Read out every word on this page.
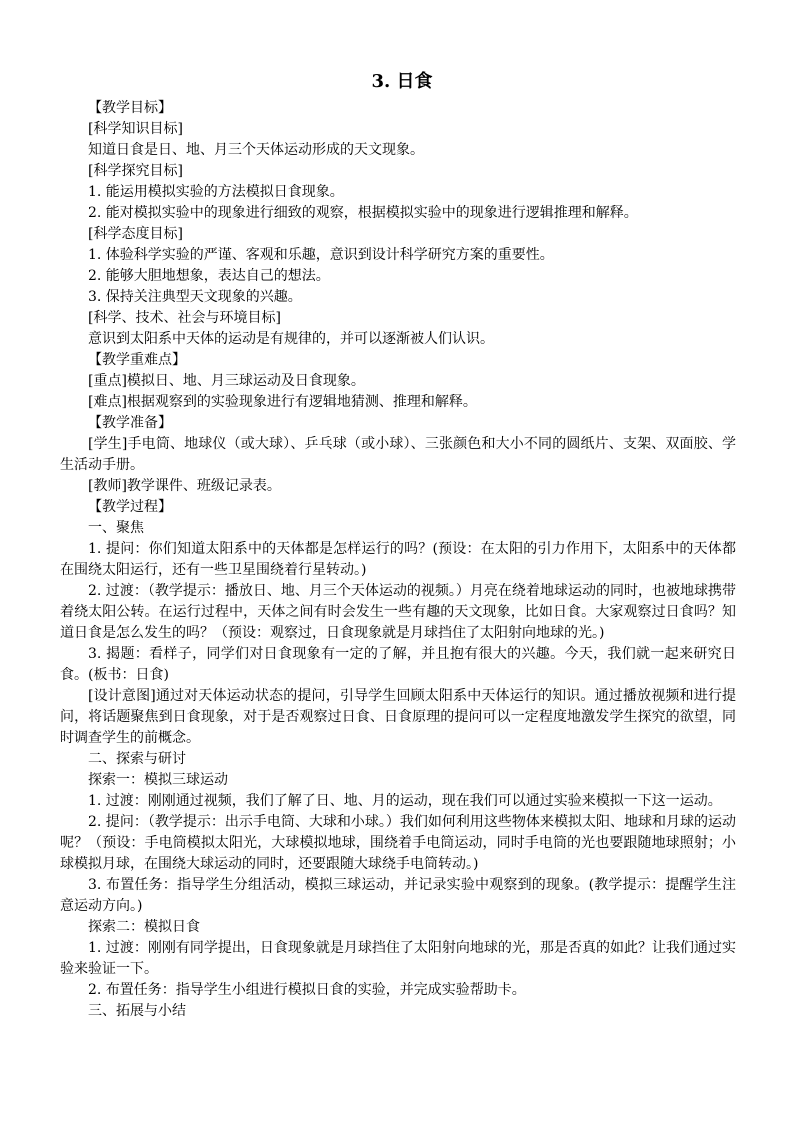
3. 日食

【教学目标】

[科学知识目标]

知道日食是日、地、月三个天体运动形成的天文现象。

[科学探究目标]

1. 能运用模拟实验的方法模拟日食现象。

2. 能对模拟实验中的现象进行细致的观察，根据模拟实验中的现象进行逻辑推理和解释。

[科学态度目标]

1. 体验科学实验的严谨、客观和乐趣，意识到设计科学研究方案的重要性。

2. 能够大胆地想象，表达自己的想法。

3. 保持关注典型天文现象的兴趣。

[科学、技术、社会与环境目标]

意识到太阳系中天体的运动是有规律的，并可以逐渐被人们认识。

【教学重难点】

[重点]模拟日、地、月三球运动及日食现象。

[难点]根据观察到的实验现象进行有逻辑地猜测、推理和解释。

【教学准备】

[学生]手电筒、地球仪（或大球）、乒乓球（或小球）、三张颜色和大小不同的圆纸片、支架、双面胶、学生活动手册。

[教师]教学课件、班级记录表。

【教学过程】

一、聚焦

1. 提问：你们知道太阳系中的天体都是怎样运行的吗？(预设：在太阳的引力作用下，太阳系中的天体都在围绕太阳运行，还有一些卫星围绕着行星转动。)

2. 过渡：（教学提示：播放日、地、月三个天体运动的视频。）月亮在绕着地球运动的同时，也被地球携带着绕太阳公转。在运行过程中，天体之间有时会发生一些有趣的天文现象，比如日食。大家观察过日食吗？知道日食是怎么发生的吗？（预设：观察过，日食现象就是月球挡住了太阳射向地球的光。)

3. 揭题：看样子，同学们对日食现象有一定的了解，并且抱有很大的兴趣。今天，我们就一起来研究日食。(板书：日食)

[设计意图]通过对天体运动状态的提问，引导学生回顾太阳系中天体运行的知识。通过播放视频和进行提问，将话题聚焦到日食现象，对于是否观察过日食、日食原理的提问可以一定程度地激发学生探究的欲望，同时调查学生的前概念。

二、探索与研讨

探索一：模拟三球运动

1. 过渡：刚刚通过视频，我们了解了日、地、月的运动，现在我们可以通过实验来模拟一下这一运动。

2. 提问：（教学提示：出示手电筒、大球和小球。）我们如何利用这些物体来模拟太阳、地球和月球的运动呢？（预设：手电筒模拟太阳光，大球模拟地球，围绕着手电筒运动，同时手电筒的光也要跟随地球照射；小球模拟月球，在围绕大球运动的同时，还要跟随大球绕手电筒转动。)

3. 布置任务：指导学生分组活动，模拟三球运动，并记录实验中观察到的现象。(教学提示：提醒学生注意运动方向。)

探索二：模拟日食

1. 过渡：刚刚有同学提出，日食现象就是月球挡住了太阳射向地球的光，那是否真的如此？让我们通过实验来验证一下。

2. 布置任务：指导学生小组进行模拟日食的实验，并完成实验帮助卡。

三、拓展与小结
